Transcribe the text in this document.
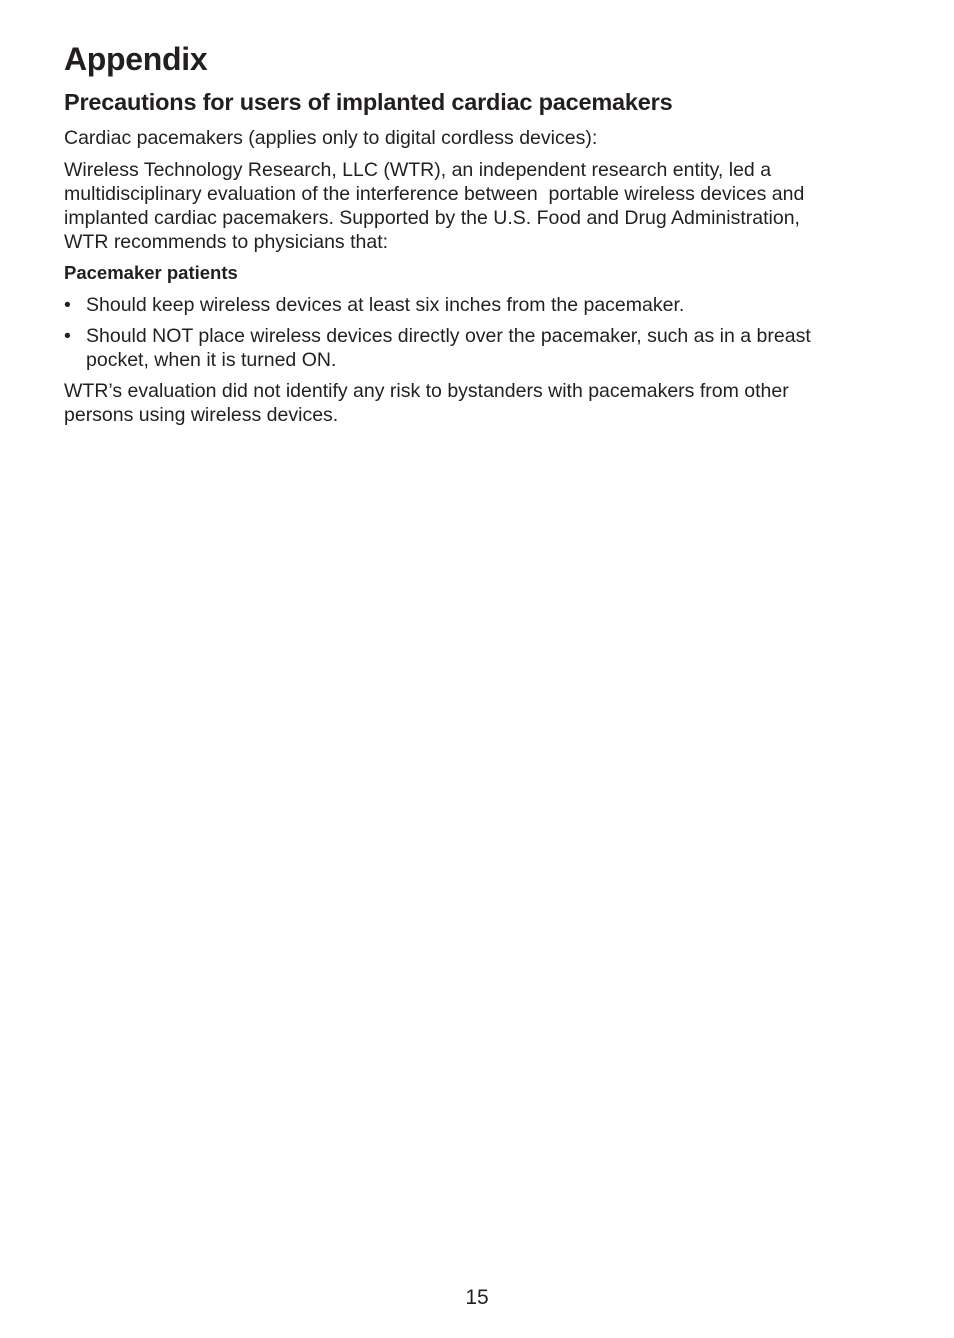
Appendix
Precautions for users of implanted cardiac pacemakers

Cardiac pacemakers (applies only to digital cordless devices):

Wireless Technology Research, LLC (WTR), an independent research entity, led a
multidisciplinary evaluation of the interference between  portable wireless devices and
implanted cardiac pacemakers. Supported by the U.S. Food and Drug Administration,
WTR recommends to physicians that:

Pacemaker patients
• Should keep wireless devices at least six inches from the pacemaker.
• Should NOT place wireless devices directly over the pacemaker, such as in a breast
pocket, when it is turned ON.

WTR’s evaluation did not identify any risk to bystanders with pacemakers from other
persons using wireless devices.

15
